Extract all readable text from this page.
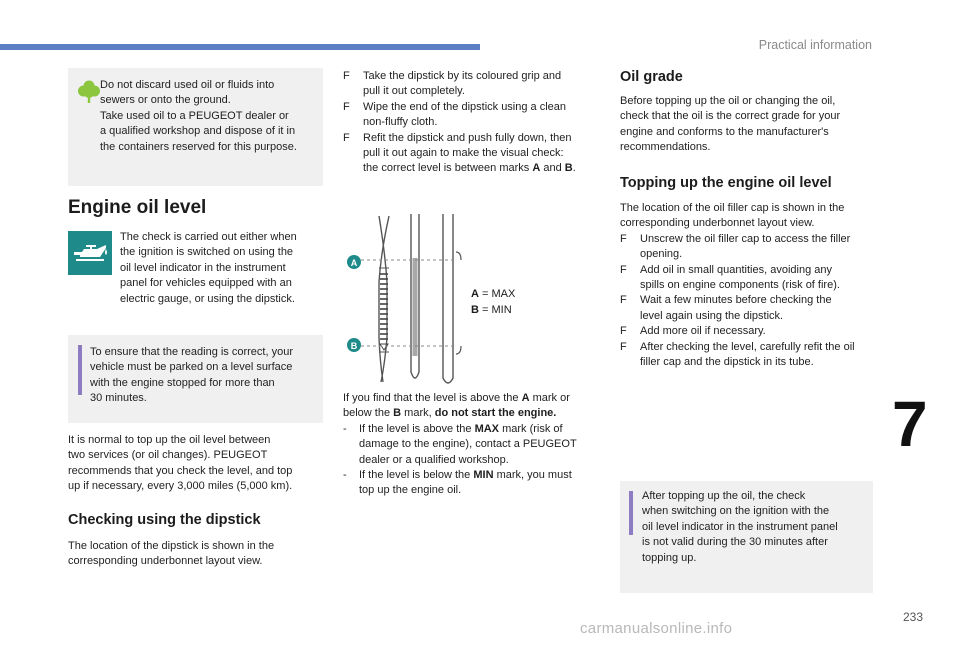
Practical information
Do not discard used oil or fluids into
sewers or onto the ground.
Take used oil to a PEUGEOT dealer or
a qualified workshop and dispose of it in
the containers reserved for this purpose.
Engine oil level
The check is carried out either when
the ignition is switched on using the
oil level indicator in the instrument
panel for vehicles equipped with an
electric gauge, or using the dipstick.
To ensure that the reading is correct, your
vehicle must be parked on a level surface
with the engine stopped for more than
30 minutes.
It is normal to top up the oil level between
two services (or oil changes). PEUGEOT
recommends that you check the level, and top
up if necessary, every 3,000 miles (5,000 km).
Checking using the dipstick
The location of the dipstick is shown in the
corresponding underbonnet layout view.
F	Take the dipstick by its coloured grip and
pull it out completely.
F	Wipe the end of the dipstick using a clean
non-fluffy cloth.
F	Refit the dipstick and push fully down, then
pull it out again to make the visual check:
the correct level is between marks A and B.
A
B
A = MAX
B = MIN
If you find that the level is above the A mark or
below the B mark, do not start the engine.
-	If the level is above the MAX mark (risk of
damage to the engine), contact a PEUGEOT
dealer or a qualified workshop.
-	If the level is below the MIN mark, you must
top up the engine oil.
Oil grade
Before topping up the oil or changing the oil,
check that the oil is the correct grade for your
engine and conforms to the manufacturer's
recommendations.
Topping up the engine oil level
The location of the oil filler cap is shown in the
corresponding underbonnet layout view.
F	Unscrew the oil filler cap to access the filler
opening.
F	Add oil in small quantities, avoiding any
spills on engine components (risk of fire).
F	Wait a few minutes before checking the
level again using the dipstick.
F	Add more oil if necessary.
F	After checking the level, carefully refit the oil
filler cap and the dipstick in its tube.
After topping up the oil, the check
when switching on the ignition with the
oil level indicator in the instrument panel
is not valid during the 30 minutes after
topping up.
7
233
carmanualsonline.info
